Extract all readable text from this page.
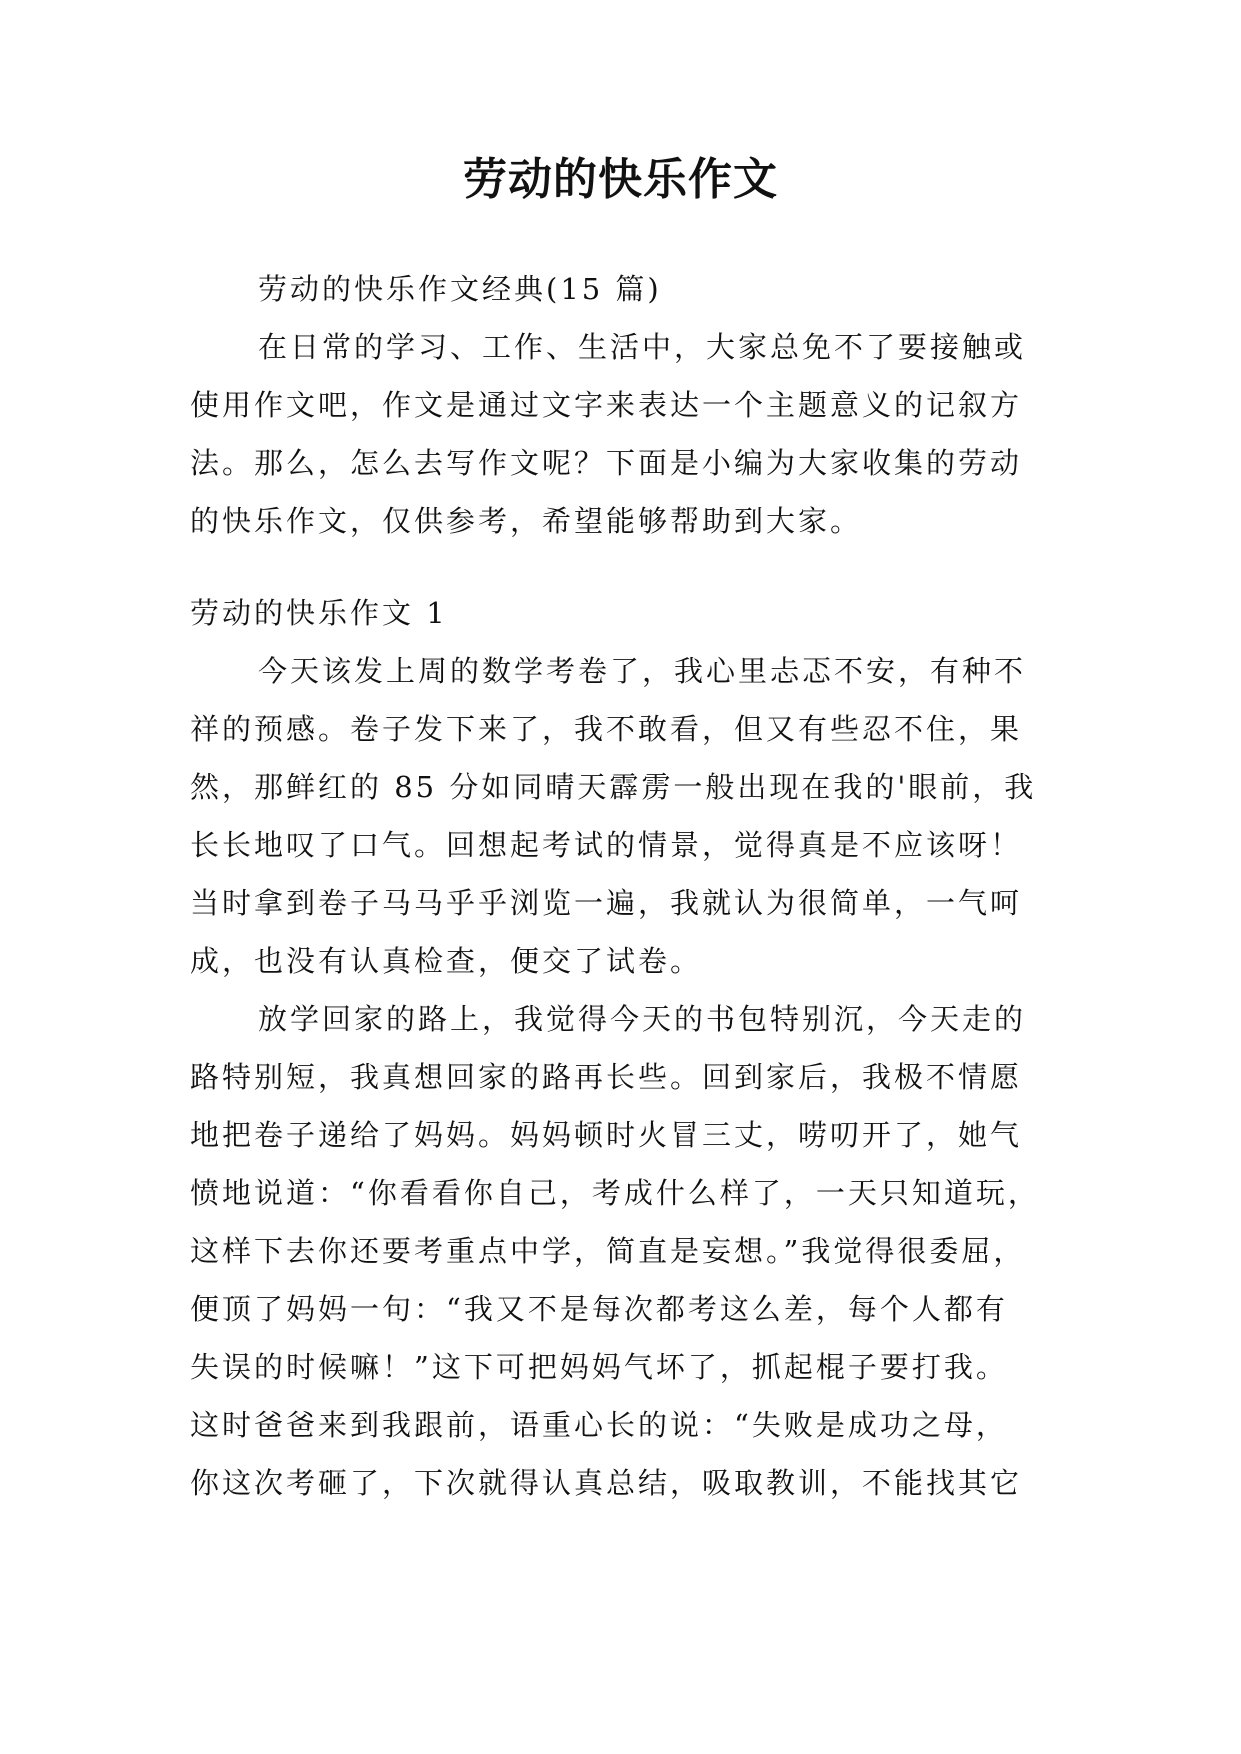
劳动的快乐作文

劳动的快乐作文经典(15 篇)

在日常的学习、工作、生活中，大家总免不了要接触或

使用作文吧，作文是通过文字来表达一个主题意义的记叙方

法。那么，怎么去写作文呢？下面是小编为大家收集的劳动

的快乐作文，仅供参考，希望能够帮助到大家。

劳动的快乐作文 1

今天该发上周的数学考卷了，我心里忐忑不安，有种不

祥的预感。卷子发下来了，我不敢看，但又有些忍不住，果

然，那鲜红的 85 分如同晴天霹雳一般出现在我的'眼前，我

长长地叹了口气。回想起考试的情景，觉得真是不应该呀！

当时拿到卷子马马乎乎浏览一遍，我就认为很简单，一气呵

成，也没有认真检查，便交了试卷。

放学回家的路上，我觉得今天的书包特别沉，今天走的

路特别短，我真想回家的路再长些。回到家后，我极不情愿

地把卷子递给了妈妈。妈妈顿时火冒三丈，唠叨开了，她气

愤地说道：“你看看你自己，考成什么样了，一天只知道玩，

这样下去你还要考重点中学，简直是妄想。”我觉得很委屈，

便顶了妈妈一句：“我又不是每次都考这么差，每个人都有

失误的时候嘛！”这下可把妈妈气坏了，抓起棍子要打我。

这时爸爸来到我跟前，语重心长的说：“失败是成功之母，

你这次考砸了，下次就得认真总结，吸取教训，不能找其它
